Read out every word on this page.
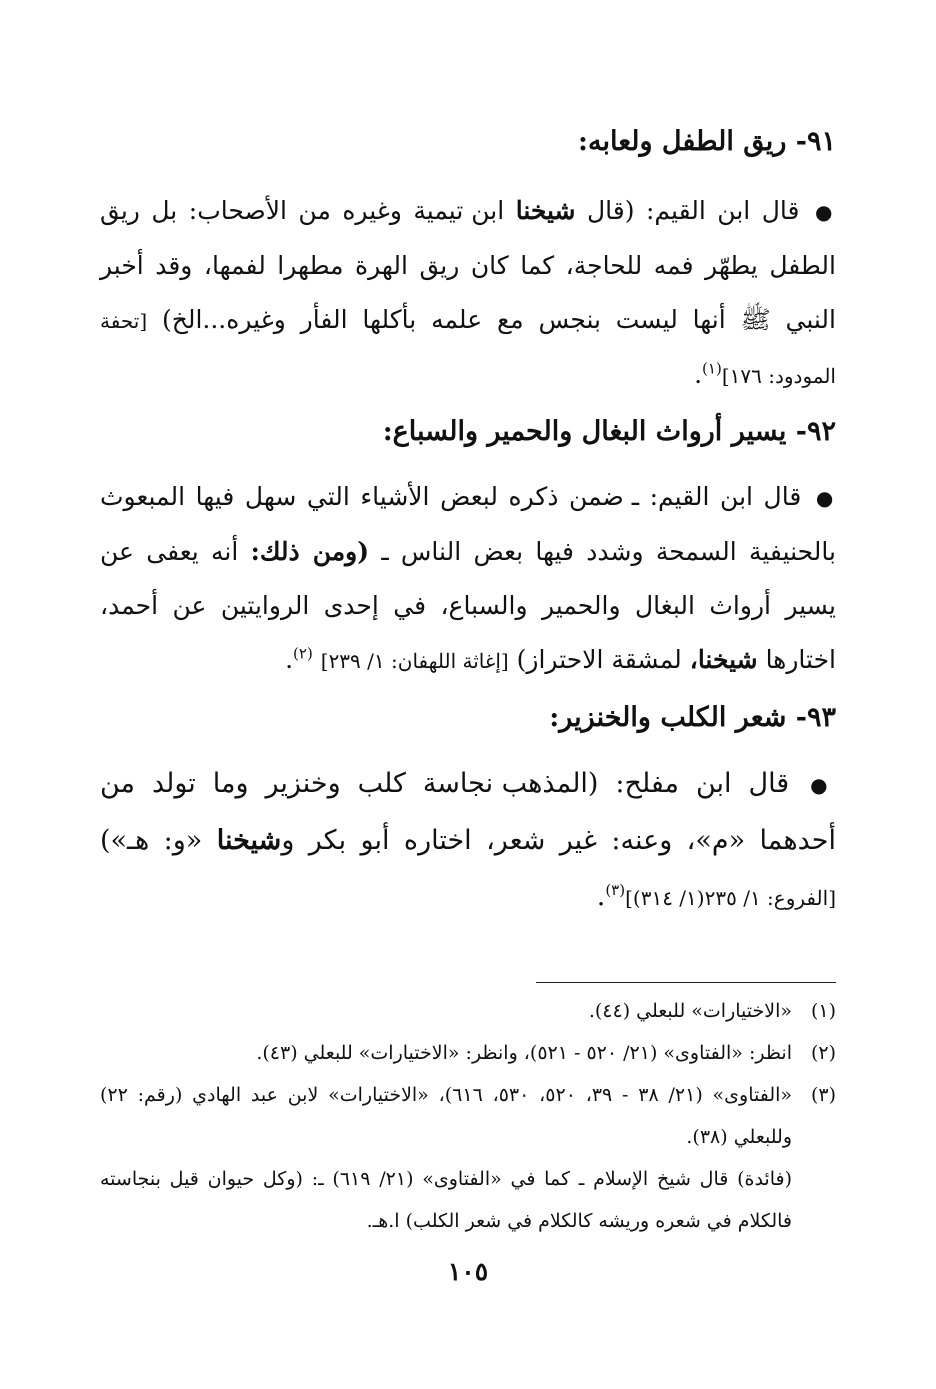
٩١- ريق الطفل ولعابه:
● قال ابن القيم: (قال شيخنا ابن تيمية وغيره من الأصحاب: بل ريق الطفل يطهّر فمه للحاجة، كما كان ريق الهرة مطهرا لفمها، وقد أخبر النبي ﷺ أنها ليست بنجس مع علمه بأكلها الفأر وغيره...الخ) [تحفة المودود: ١٧٦]$^{(١)}$.
٩٢- يسير أرواث البغال والحمير والسباع:
● قال ابن القيم: ـ ضمن ذكره لبعض الأشياء التي سهل فيها المبعوث بالحنيفية السمحة وشدد فيها بعض الناس ـ (ومن ذلك: أنه يعفى عن يسير أرواث البغال والحمير والسباع، في إحدى الروايتين عن أحمد، اختارها شيخنا، لمشقة الاحتراز) [إغاثة اللهفان: ١/ ٢٣٩] $^{(٢)}$.
٩٣- شعر الكلب والخنزير:
● قال ابن مفلح: (المذهب نجاسة كلب وخنزير وما تولد من أحدهما «م»، وعنه: غير شعر، اختاره أبو بكر وشيخنا «و: هـ») [الفروع: ١/ ٢٣٥(١/ ٣١٤)]$^{(٣)}$.
(١)
«الاختيارات» للبعلي (٤٤).
(٢)
انظر: «الفتاوى» (٢١/ ٥٢٠ - ٥٢١)، وانظر: «الاختيارات» للبعلي (٤٣).
(٣)
«الفتاوى» (٢١/ ٣٨ - ٣٩، ٥٢٠، ٥٣٠، ٦١٦)، «الاختيارات» لابن عبد الهادي (رقم: ٢٢) وللبعلي (٣٨).
(فائدة) قال شيخ الإسلام ـ كما في «الفتاوى» (٢١/ ٦١٩) ـ: (وكل حيوان قيل بنجاسته فالكلام في شعره وريشه كالكلام في شعر الكلب) ا.هـ.
١٠٥
